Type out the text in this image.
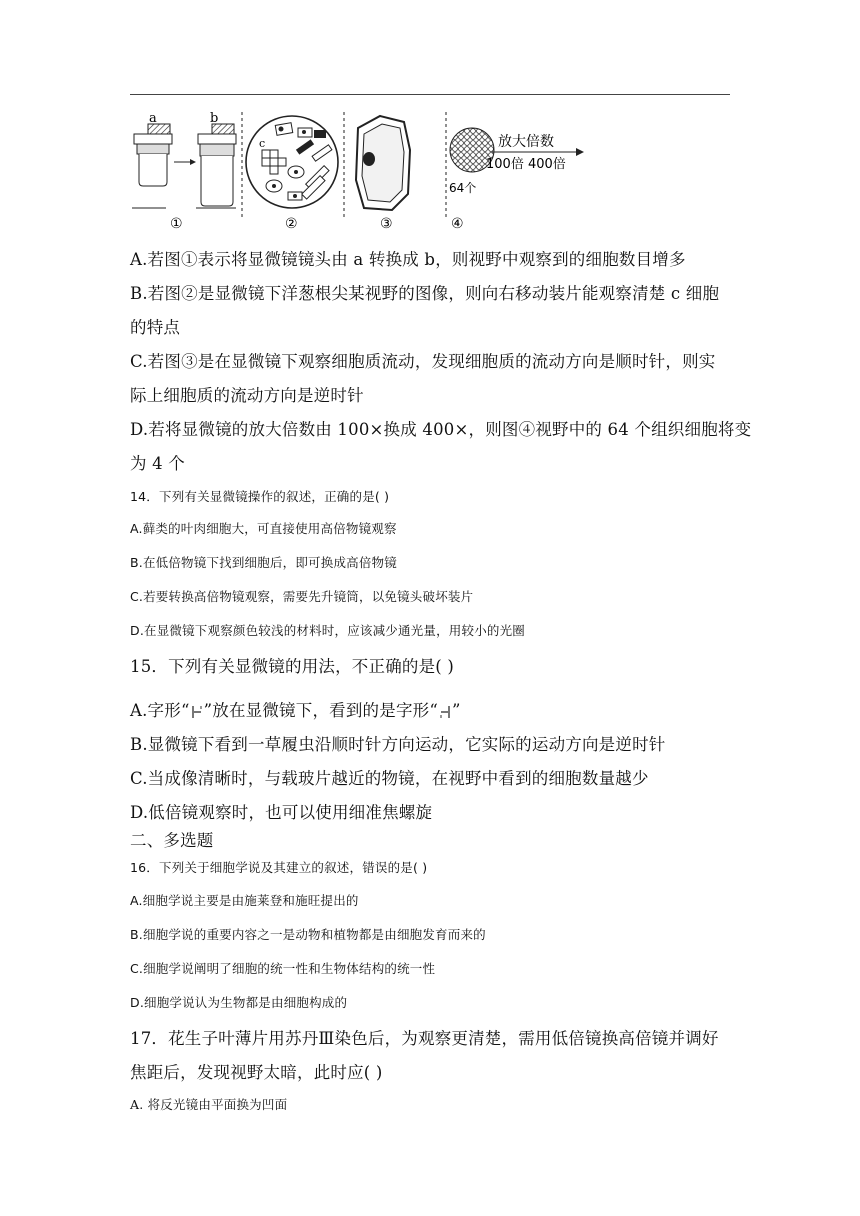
a	b
①
c
②	③
64个
放大倍数
100倍 400倍
④
A.若图①表示将显微镜镜头由 a 转换成 b，则视野中观察到的细胞数目增多
B.若图②是显微镜下洋葱根尖某视野的图像，则向右移动装片能观察清楚 c 细胞
的特点
C.若图③是在显微镜下观察细胞质流动，发现细胞质的流动方向是顺时针，则实
际上细胞质的流动方向是逆时针
D.若将显微镜的放大倍数由 100×换成 400×，则图④视野中的 64 个组织细胞将变
为 4 个
14．下列有关显微镜操作的叙述，正确的是( )
A.藓类的叶肉细胞大，可直接使用高倍物镜观察
B.在低倍物镜下找到细胞后，即可换成高倍物镜
C.若要转换高倍物镜观察，需要先升镜筒，以免镜头破坏装片
D.在显微镜下观察颜色较浅的材料时，应该减少通光量，用较小的光圈
15．下列有关显微镜的用法，不正确的是( )
A.字形“ ”放在显微镜下，看到的是字形“ ”
B.显微镜下看到一草履虫沿顺时针方向运动，它实际的运动方向是逆时针
C.当成像清晰时，与载玻片越近的物镜，在视野中看到的细胞数量越少
D.低倍镜观察时，也可以使用细准焦螺旋
二、多选题
16．下列关于细胞学说及其建立的叙述，错误的是( )
A.细胞学说主要是由施莱登和施旺提出的
B.细胞学说的重要内容之一是动物和植物都是由细胞发育而来的
C.细胞学说阐明了细胞的统一性和生物体结构的统一性
D.细胞学说认为生物都是由细胞构成的
17．花生子叶薄片用苏丹Ⅲ染色后，为观察更清楚，需用低倍镜换高倍镜并调好
焦距后，发现视野太暗，此时应( )
A. 将反光镜由平面换为凹面
